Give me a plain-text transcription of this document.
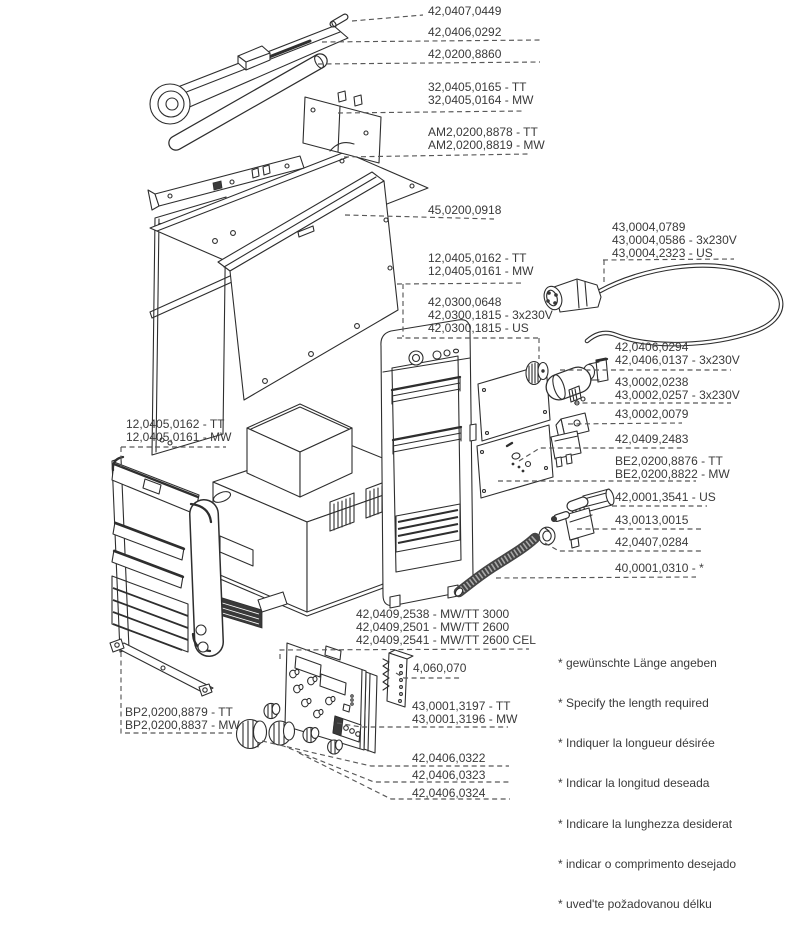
42,0407,0449
42,0406,0292
42,0200,8860
32,0405,0165 - TT
32,0405,0164 - MW
AM2,0200,8878 - TT
AM2,0200,8819 - MW
45,0200,0918
43,0004,0789
43,0004,0586 - 3x230V
43,0004,2323 - US
12,0405,0162 - TT
12,0405,0161 - MW
42,0300,0648
42,0300,1815 - 3x230V
42,0300,1815 - US
42,0406,0294
42,0406,0137 - 3x230V
43,0002,0238
43,0002,0257 - 3x230V
43,0002,0079
42,0409,2483
BE2,0200,8876 - TT
BE2,0200,8822 - MW
42,0001,3541 - US
43,0013,0015
42,0407,0284
40,0001,0310 - *
12,0405,0162 - TT
12,0405,0161 - MW
42,0409,2538 - MW/TT 3000
42,0409,2501 - MW/TT 2600
42,0409,2541 - MW/TT 2600 CEL
4,060,070
43,0001,3197 - TT
43,0001,3196 - MW
BP2,0200,8879 - TT
BP2,0200,8837 - MW
42,0406,0322
42,0406,0323
42,0406,0324

* gewünschte Länge angeben

* Specify the length required

* Indiquer la longueur désirée

* Indicar la longitud deseada

* Indicare la lunghezza desiderat

* indicar o comprimento desejado

* uved'te požadovanou délku
